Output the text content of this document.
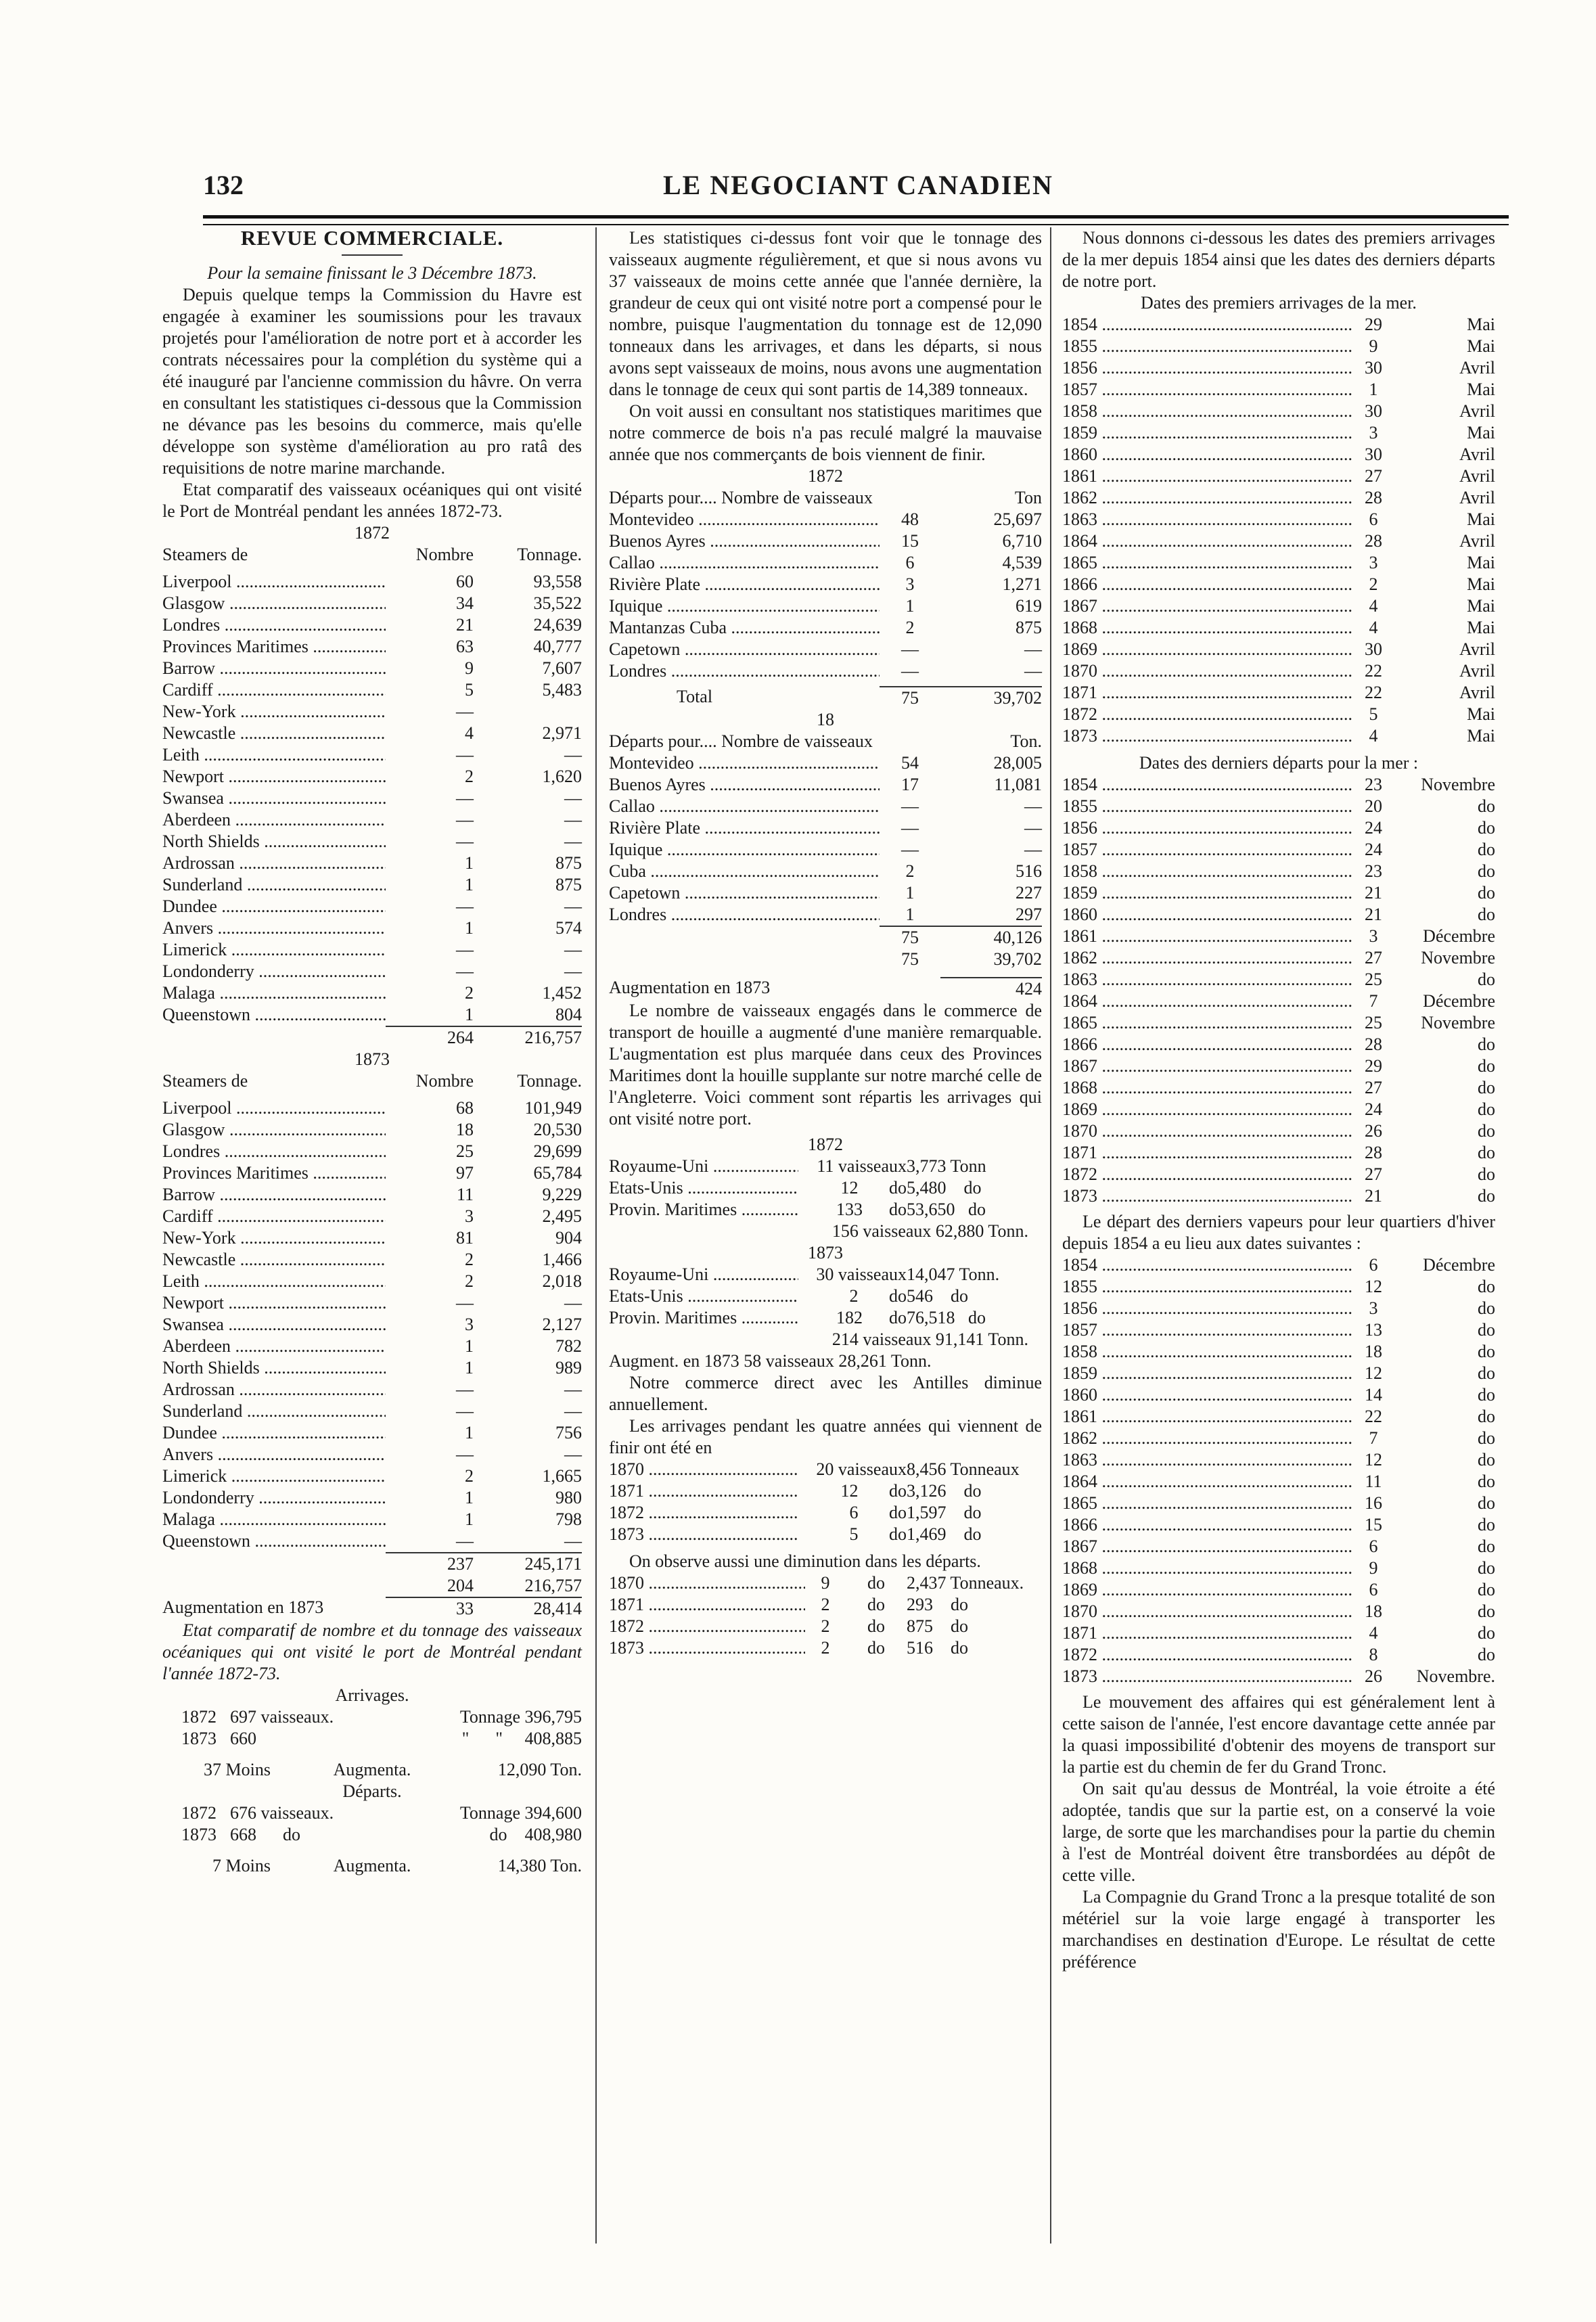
132	LE NEGOCIANT CANADIEN
REVUE COMMERCIALE.
Pour la semaine finissant le 3 Décembre 1873.

Depuis quelque temps la Commission du Havre est engagée à examiner les soumissions pour les travaux projetés pour l'amélioration de notre port et à accorder les contrats nécessaires pour la complétion du système qui a été inauguré par l'ancienne commission du hâvre. On verra en consultant les statistiques ci-dessous que la Commission ne dévance pas les besoins du commerce, mais qu'elle développe son système d'amélioration au pro ratâ des requisitions de notre marine marchande.

Etat comparatif des vaisseaux océaniques qui ont visité le Port de Montréal pendant les années 1872-73.

1872
Steamers de	Nombre	Tonnage.
Liverpool .....	60	93,558
Glasgow .....	34	35,522
Londres .....	21	24,639
Provinces Maritimes .....	63	40,777
Barrow .....	9	7,607
Cardiff .....	5	5,483
New-York .....	—
Newcastle .....	4	2,971
Leith .....	—	—
Newport .....	2	1,620
Swansea .....	—	—
Aberdeen .....	—	—
North Shields .....	—	—
Ardrossan .....	1	875
Sunderland .....	1	875
Dundee .....	—	—
Anvers .....	1	574
Limerick .....	—	—
Londonderry .....	—	—
Malaga .....	2	1,452
Queenstown .....	1	804
264	216,757
1873
Steamers de	Nombre	Tonnage.
Liverpool .....	68	101,949
Glasgow .....	18	20,530
Londres .....	25	29,699
Provinces Maritimes .....	97	65,784
Barrow .....	11	9,229
Cardiff .....	3	2,495
New-York .....	81	904
Newcastle .....	2	1,466
Leith .....	2	2,018
Newport .....	—	—
Swansea .....	3	2,127
Aberdeen .....	1	782
North Shields .....	1	989
Ardrossan .....	—	—
Sunderland .....	—	—
Dundee .....	1	756
Anvers .....	—	—
Limerick .....	2	1,665
Londonderry .....	1	980
Malaga .....	1	798
Queenstown .....	—	—
237	245,171
204	216,757
Augmentation en 1873	33	28,414

Etat comparatif de nombre et du tonnage des vaisseaux océaniques qui ont visité le port de Montréal pendant l'année 1872-73.

Arrivages.
1872 697 vaisseaux.	Tonnage 396,795
1873 660	"      "     408,885
37 Moins	Augmenta.	12,090 Ton.
Départs.
1872 676 vaisseaux.	Tonnage 394,600
1873 668      do	do    408,980
7 Moins	Augmenta.	14,380 Ton.

Les statistiques ci-dessus font voir que le tonnage des vaisseaux augmente régulièrement, et que si nous avons vu 37 vaisseaux de moins cette année que l'année dernière, la grandeur de ceux qui ont visité notre port a compensé pour le nombre, puisque l'augmentation du tonnage est de 12,090 tonneaux dans les arrivages, et dans les départs, si nous avons sept vaisseaux de moins, nous avons une augmentation dans le tonnage de ceux qui sont partis de 14,389 tonneaux.

On voit aussi en consultant nos statistiques maritimes que notre commerce de bois n'a pas reculé malgré la mauvaise année que nos commerçants de bois viennent de finir.

1872
Départs pour.... Nombre de vaisseaux	Ton
Montevideo .....	48	25,697
Buenos Ayres .....	15	6,710
Callao .....	6	4,539
Rivière Plate .....	3	1,271
Iquique .....	1	619
Mantanzas Cuba .....	2	875
Capetown .....	—	—
Londres .....	—	—
Total	75	39,702
18
Départs pour.... Nombre de vaisseaux	Ton.
Montevideo .....	54	28,005
Buenos Ayres .....	17	11,081
Callao .....	—	—
Rivière Plate .....	—	—
Iquique .....	—	—
Cuba .....	2	516
Capetown .....	1	227
Londres .....	1	297
75	40,126
75	39,702
Augmentation en 1873	424

Le nombre de vaisseaux engagés dans le commerce de transport de houille a augmenté d'une manière remarquable. L'augmentation est plus marquée dans ceux des Provinces Maritimes dont la houille supplante sur notre marché celle de l'Angleterre. Voici comment sont répartis les arrivages qui ont visité notre port.

1872
Royaume-Uni .....	11 vaisseaux 3,773 Tonn
Etats-Unis .....	12       do 5,480    do
Provin. Maritimes .....	133      do 53,650   do
156 vaisseaux 62,880 Tonn.
1873
Royaume-Uni .....	30 vaisseaux 14,047 Tonn.
Etats-Unis .....	2       do 546    do
Provin. Maritimes .....	182      do 76,518   do
214 vaisseaux 91,141 Tonn.
Augment. en 1873 58 vaisseaux 28,261 Tonn.

Notre commerce direct avec les Antilles diminue annuellement.

Les arrivages pendant les quatre années qui viennent de finir ont été en

1870 .....	20 vaisseaux 8,456 Tonneaux
1871 .....	12       do 3,126    do
1872 .....	6       do 1,597    do
1873 .....	5       do 1,469    do

On observe aussi une diminution dans les départs.

1870 .....	9	do	2,437 Tonneaux.
1871 .....	2	do	293    do
1872 .....	2	do	875    do
1873 .....	2	do	516    do

Nous donnons ci-dessous les dates des premiers arrivages de la mer depuis 1854 ainsi que les dates des derniers départs de notre port.

Dates des premiers arrivages de la mer.
1854 .....	29	Mai
1855 .....	9	Mai
1856 .....	30	Avril
1857 .....	1	Mai
1858 .....	30	Avril
1859 .....	3	Mai
1860 .....	30	Avril
1861 .....	27	Avril
1862 .....	28	Avril
1863 .....	6	Mai
1864 .....	28	Avril
1865 .....	3	Mai
1866 .....	2	Mai
1867 .....	4	Mai
1868 .....	4	Mai
1869 .....	30	Avril
1870 .....	22	Avril
1871 .....	22	Avril
1872 .....	5	Mai
1873 .....	4	Mai
Dates des derniers départs pour la mer :
1854 .....	23	Novembre
1855 .....	20	do
1856 .....	24	do
1857 .....	24	do
1858 .....	23	do
1859 .....	21	do
1860 .....	21	do
1861 .....	3	Décembre
1862 .....	27	Novembre
1863 .....	25	do
1864 .....	7	Décembre
1865 .....	25	Novembre
1866 .....	28	do
1867 .....	29	do
1868 .....	27	do
1869 .....	24	do
1870 .....	26	do
1871 .....	28	do
1872 .....	27	do
1873 .....	21	do

Le départ des derniers vapeurs pour leur quartiers d'hiver depuis 1854 a eu lieu aux dates suivantes :

1854 .....	6	Décembre
1855 .....	12	do
1856 .....	3	do
1857 .....	13	do
1858 .....	18	do
1859 .....	12	do
1860 .....	14	do
1861 .....	22	do
1862 .....	7	do
1863 .....	12	do
1864 .....	11	do
1865 .....	16	do
1866 .....	15	do
1867 .....	6	do
1868 .....	9	do
1869 .....	6	do
1870 .....	18	do
1871 .....	4	do
1872 .....	8	do
1873 .....	26	Novembre.

Le mouvement des affaires qui est généralement lent à cette saison de l'année, l'est encore davantage cette année par la quasi impossibilité d'obtenir des moyens de transport sur la partie est du chemin de fer du Grand Tronc.

On sait qu'au dessus de Montréal, la voie étroite a été adoptée, tandis que sur la partie est, on a conservé la voie large, de sorte que les marchandises pour la partie du chemin à l'est de Montréal doivent être transbordées au dépôt de cette ville.

La Compagnie du Grand Tronc a la presque totalité de son métériel sur la voie large engagé à transporter les marchandises en destination d'Europe. Le résultat de cette préférence
